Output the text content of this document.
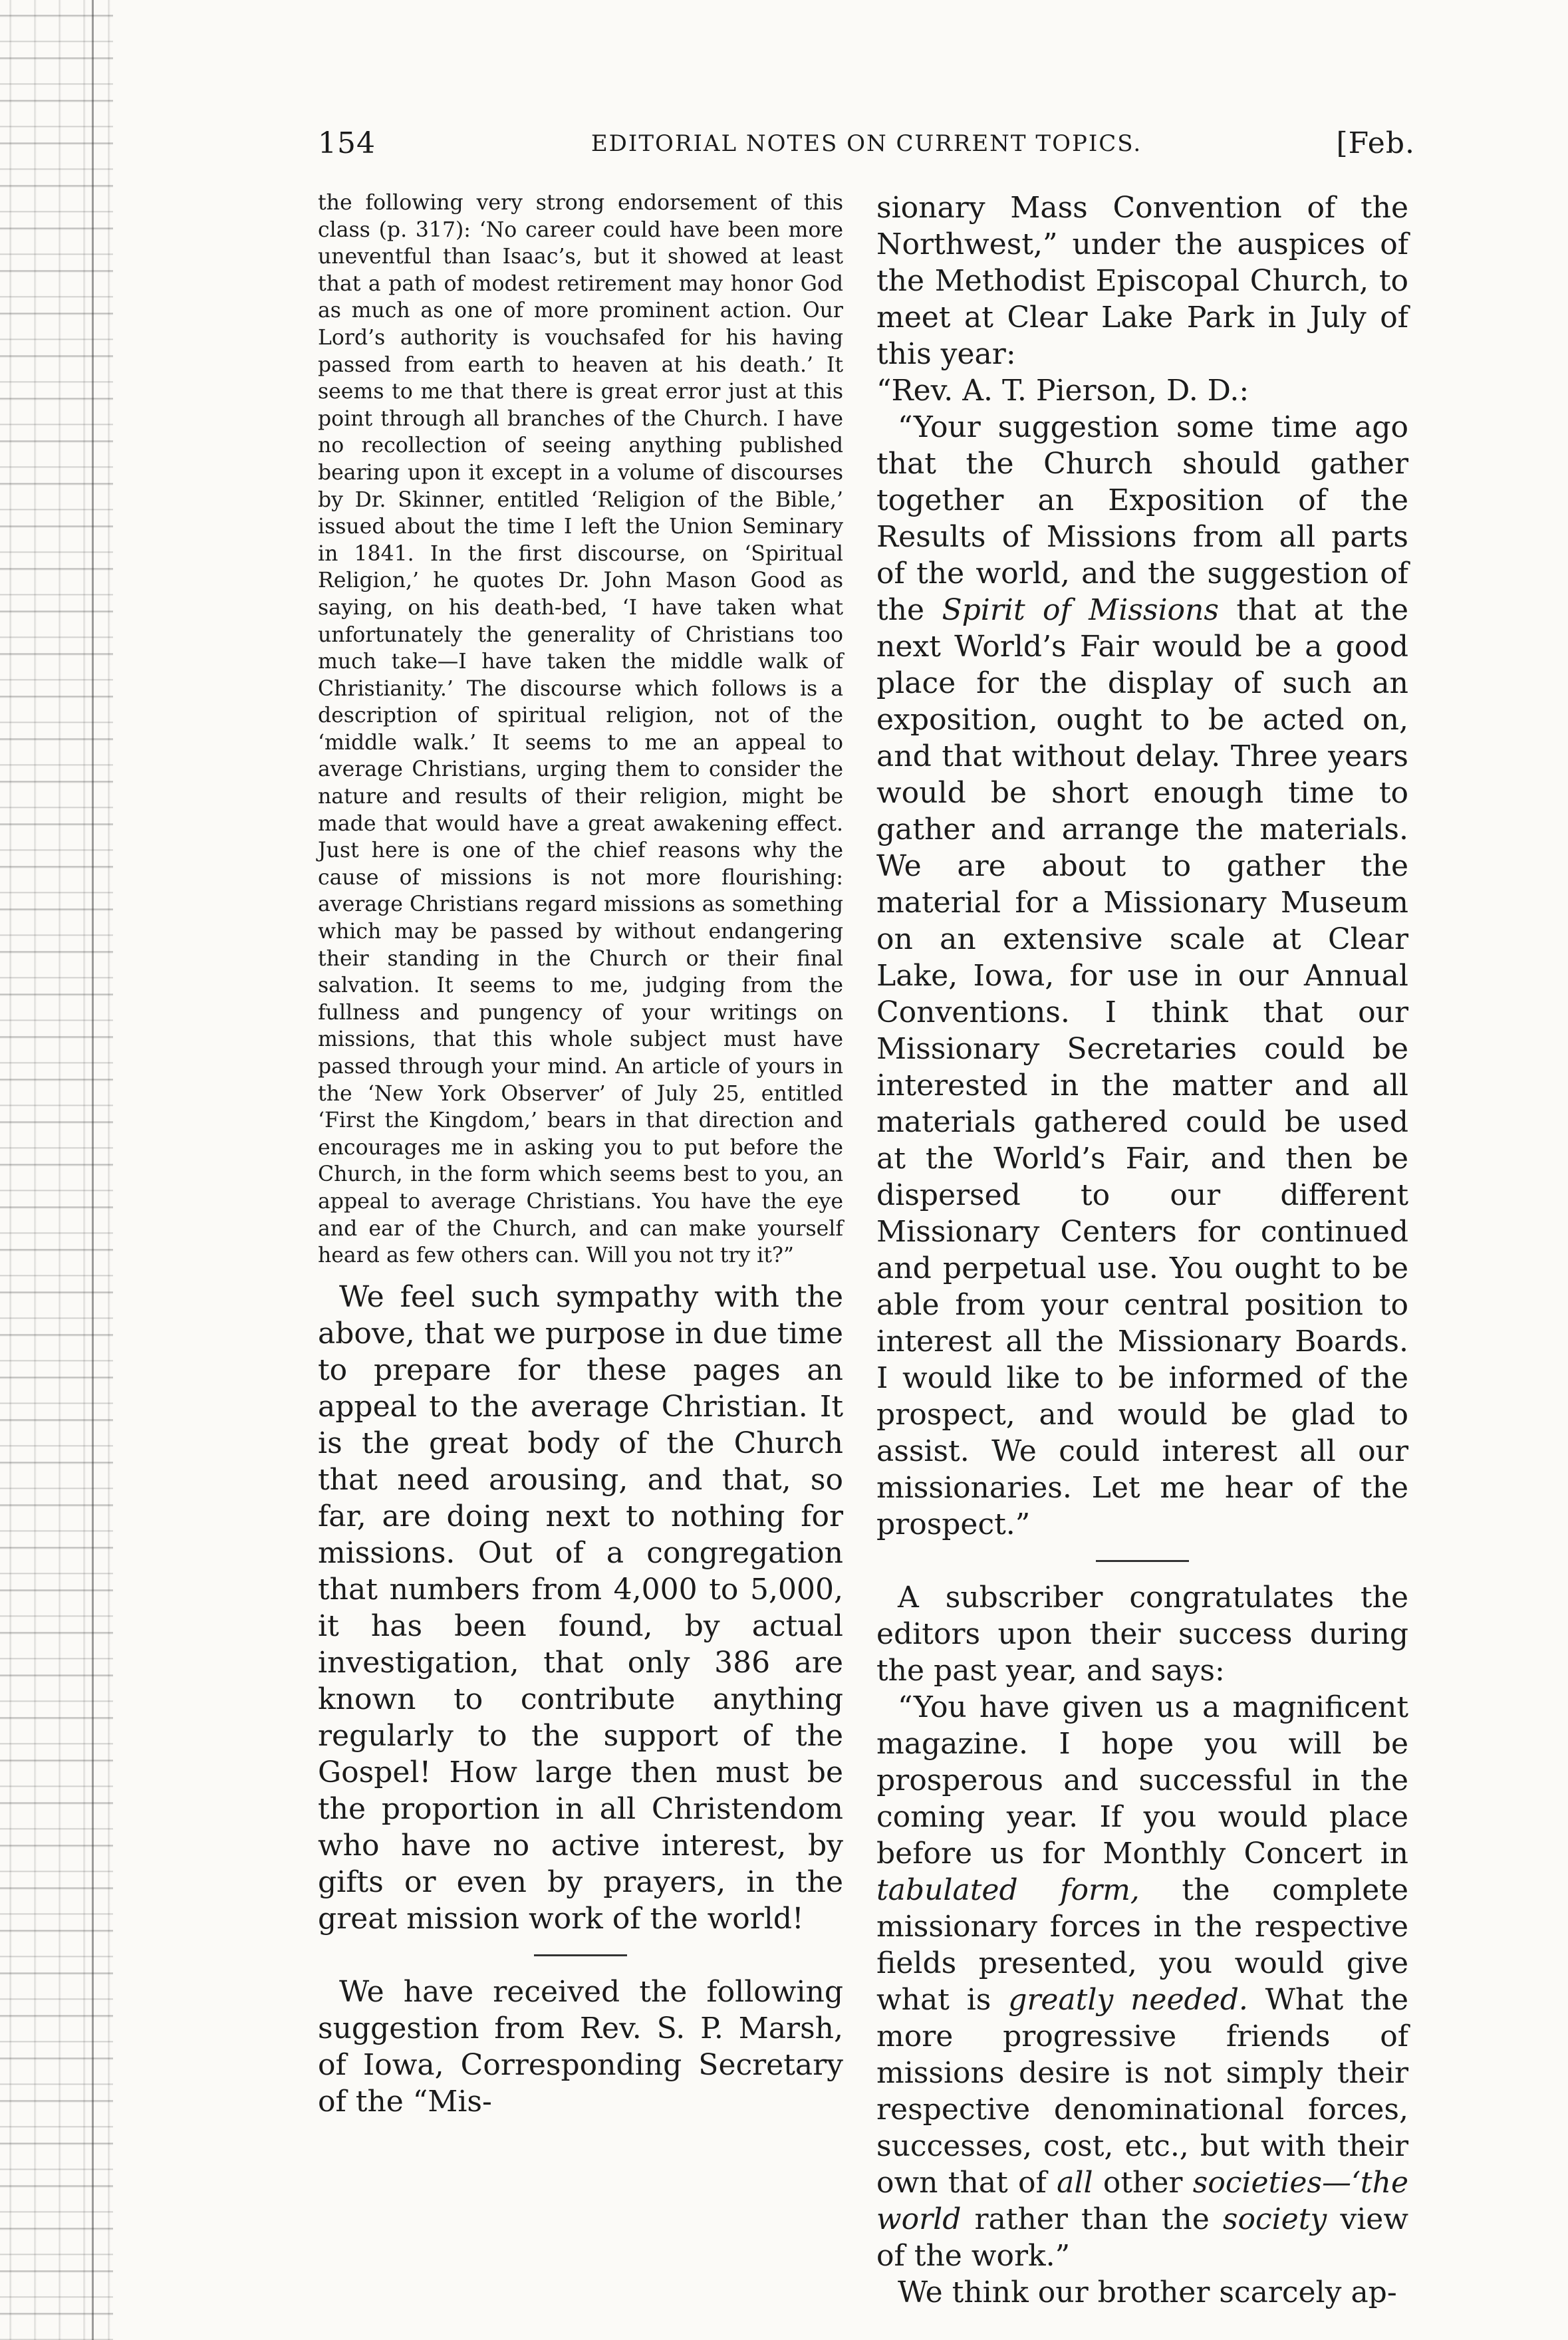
154	EDITORIAL NOTES ON CURRENT TOPICS.	[Feb.

the following very strong endorsement of this class (p. 317): ‘No career could have been more uneventful than Isaac’s, but it showed at least that a path of modest retirement may honor God as much as one of more prominent action. Our Lord’s authority is vouchsafed for his having passed from earth to heaven at his death.’ It seems to me that there is great error just at this point through all branches of the Church. I have no recollection of seeing anything published bearing upon it except in a volume of discourses by Dr. Skinner, entitled ‘Religion of the Bible,’ issued about the time I left the Union Seminary in 1841. In the first discourse, on ‘Spiritual Religion,’ he quotes Dr. John Mason Good as saying, on his death-bed, ‘I have taken what unfortunately the generality of Christians too much take—I have taken the middle walk of Christianity.’ The discourse which follows is a description of spiritual religion, not of the ‘middle walk.’ It seems to me an appeal to average Christians, urging them to consider the nature and results of their religion, might be made that would have a great awakening effect. Just here is one of the chief reasons why the cause of missions is not more flourishing: average Christians regard missions as something which may be passed by without endangering their standing in the Church or their final salvation. It seems to me, judging from the fullness and pungency of your writings on missions, that this whole subject must have passed through your mind. An article of yours in the ‘New York Observer’ of July 25, entitled ‘First the Kingdom,’ bears in that direction and encourages me in asking you to put before the Church, in the form which seems best to you, an appeal to average Christians. You have the eye and ear of the Church, and can make yourself heard as few others can. Will you not try it?”

We feel such sympathy with the above, that we purpose in due time to prepare for these pages an appeal to the average Christian. It is the great body of the Church that need arousing, and that, so far, are doing next to nothing for missions. Out of a congregation that numbers from 4,000 to 5,000, it has been found, by actual investigation, that only 386 are known to contribute anything regularly to the support of the Gospel! How large then must be the proportion in all Christendom who have no active interest, by gifts or even by prayers, in the great mission work of the world!

We have received the following suggestion from Rev. S. P. Marsh, of Iowa, Corresponding Secretary of the “Mis-

sionary Mass Convention of the Northwest,” under the auspices of the Methodist Episcopal Church, to meet at Clear Lake Park in July of this year:

“Rev. A. T. Pierson, D. D.:

“Your suggestion some time ago that the Church should gather together an Exposition of the Results of Missions from all parts of the world, and the suggestion of the Spirit of Missions that at the next World’s Fair would be a good place for the display of such an exposition, ought to be acted on, and that without delay. Three years would be short enough time to gather and arrange the materials. We are about to gather the material for a Missionary Museum on an extensive scale at Clear Lake, Iowa, for use in our Annual Conventions. I think that our Missionary Secretaries could be interested in the matter and all materials gathered could be used at the World’s Fair, and then be dispersed to our different Missionary Centers for continued and perpetual use. You ought to be able from your central position to interest all the Missionary Boards. I would like to be informed of the prospect, and would be glad to assist. We could interest all our missionaries. Let me hear of the prospect.”

A subscriber congratulates the editors upon their success during the past year, and says:

“You have given us a magnificent magazine. I hope you will be prosperous and successful in the coming year. If you would place before us for Monthly Concert in tabulated form, the complete missionary forces in the respective fields presented, you would give what is greatly needed. What the more progressive friends of missions desire is not simply their respective denominational forces, successes, cost, etc., but with their own that of all other societies—‘the world rather than the society view of the work.”

We think our brother scarcely ap-
